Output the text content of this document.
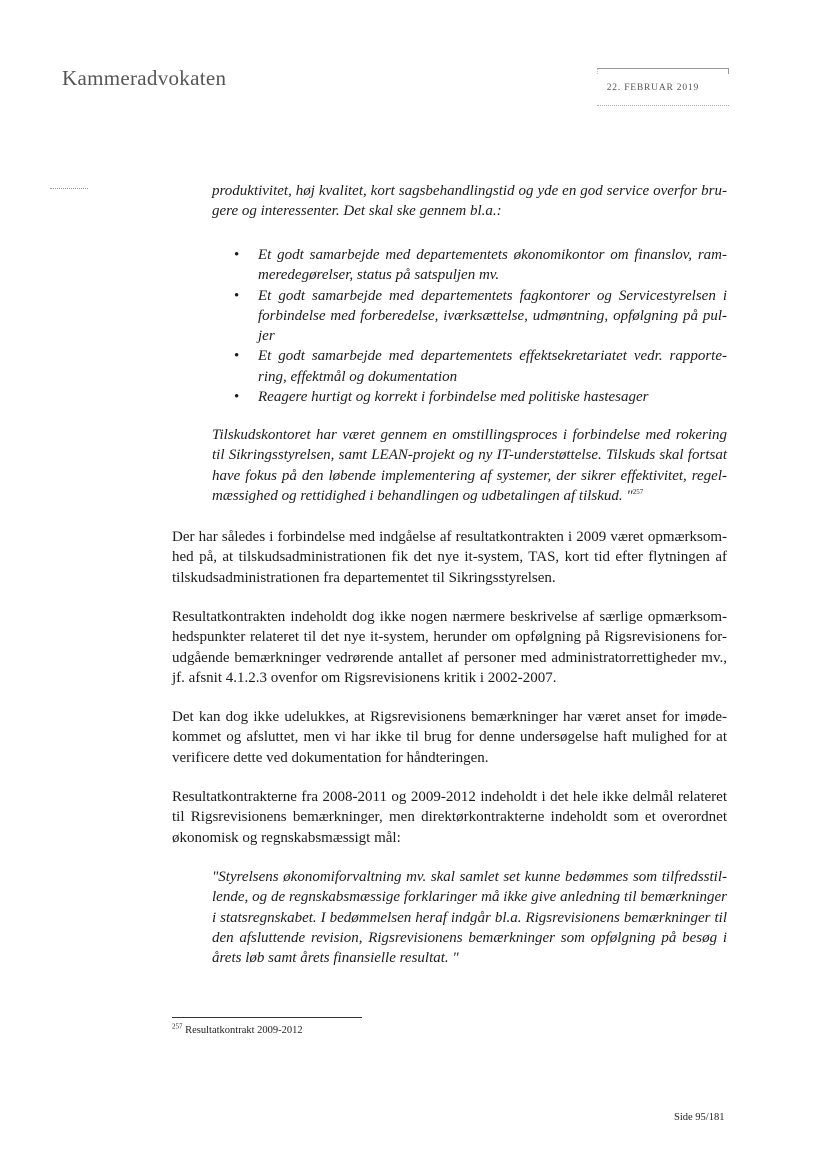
Kammeradvokaten	22. FEBRUAR 2019

produktivitet, høj kvalitet, kort sagsbehandlingstid og yde en god service overfor bru-gere og interessenter. Det skal ske gennem bl.a.:

• Et godt samarbejde med departementets økonomikontor om finanslov, ram-meredegørelser, status på satspuljen mv.
• Et godt samarbejde med departementets fagkontorer og Servicestyrelsen i forbindelse med forberedelse, iværksættelse, udmøntning, opfølgning på pul-jer
• Et godt samarbejde med departementets effektsekretariatet vedr. rapporte-ring, effektmål og dokumentation
• Reagere hurtigt og korrekt i forbindelse med politiske hastesager

Tilskudskontoret har været gennem en omstillingsproces i forbindelse med rokering til Sikringsstyrelsen, samt LEAN-projekt og ny IT-understøttelse. Tilskuds skal fortsat have fokus på den løbende implementering af systemer, der sikrer effektivitet, regel-mæssighed og rettidighed i behandlingen og udbetalingen af tilskud. "$^{257}$

Der har således i forbindelse med indgåelse af resultatkontrakten i 2009 været opmærksom-hed på, at tilskudsadministrationen fik det nye it-system, TAS, kort tid efter flytningen af tilskudsadministrationen fra departementet til Sikringsstyrelsen.

Resultatkontrakten indeholdt dog ikke nogen nærmere beskrivelse af særlige opmærksom-hedspunkter relateret til det nye it-system, herunder om opfølgning på Rigsrevisionens for-udgående bemærkninger vedrørende antallet af personer med administratorrettigheder mv., jf. afsnit 4.1.2.3 ovenfor om Rigsrevisionens kritik i 2002-2007.

Det kan dog ikke udelukkes, at Rigsrevisionens bemærkninger har været anset for imøde-kommet og afsluttet, men vi har ikke til brug for denne undersøgelse haft mulighed for at verificere dette ved dokumentation for håndteringen.

Resultatkontrakterne fra 2008-2011 og 2009-2012 indeholdt i det hele ikke delmål relateret til Rigsrevisionens bemærkninger, men direktørkontrakterne indeholdt som et overordnet økonomisk og regnskabsmæssigt mål:

"Styrelsens økonomiforvaltning mv. skal samlet set kunne bedømmes som tilfredsstil-lende, og de regnskabsmæssige forklaringer må ikke give anledning til bemærkninger i statsregnskabet. I bedømmelsen heraf indgår bl.a. Rigsrevisionens bemærkninger til den afsluttende revision, Rigsrevisionens bemærkninger som opfølgning på besøg i årets løb samt årets finansielle resultat. "

$^{257}$ Resultatkontrakt 2009-2012
Side 95/181
